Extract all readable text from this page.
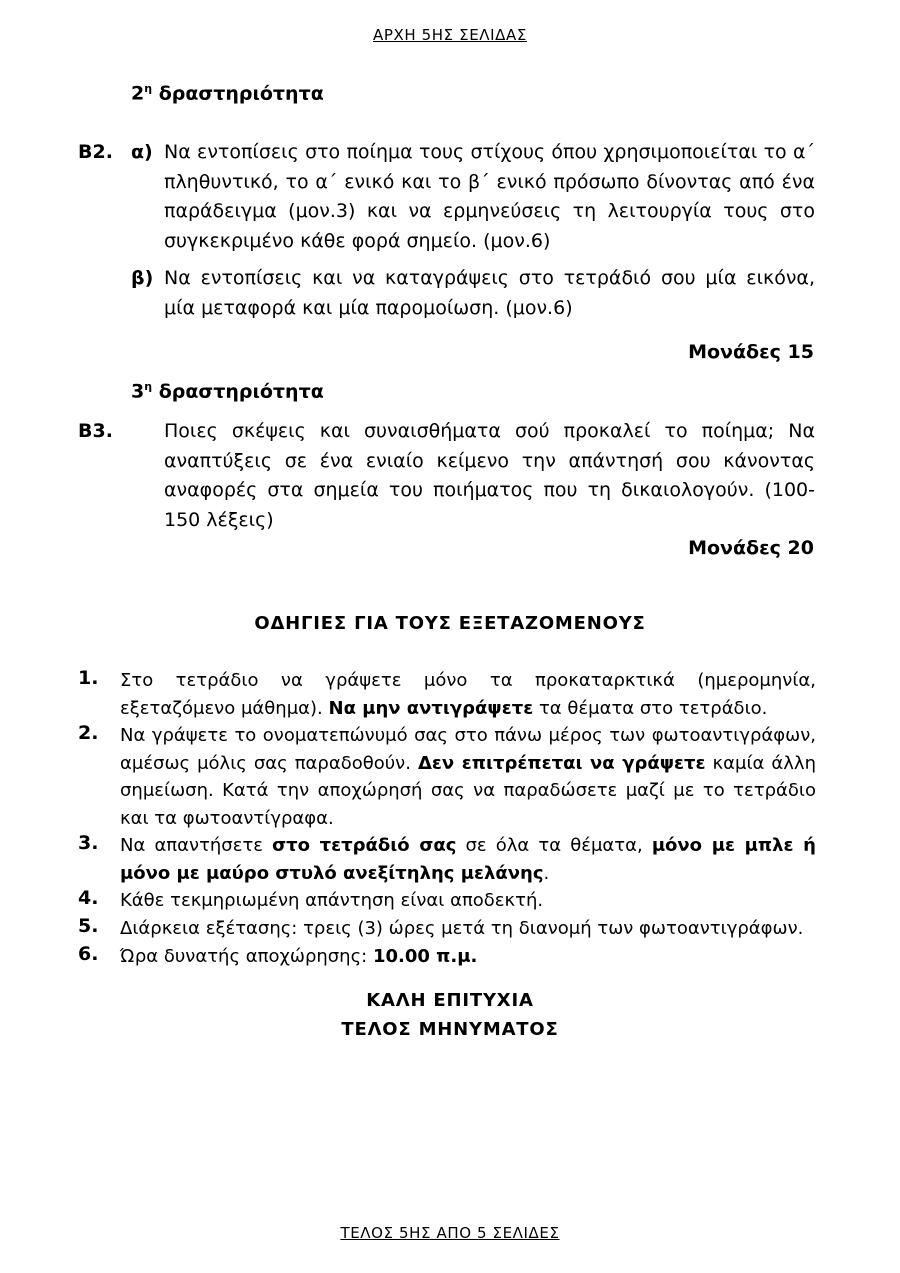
ΑΡΧΗ 5ΗΣ ΣΕΛΙΔΑΣ
$2^\eta$ δραστηριότητα
Β2. α) Να εντοπίσεις στο ποίημα τους στίχους όπου χρησιμοποιείται το α΄ πληθυντικό, το α΄ ενικό και το β΄ ενικό πρόσωπο δίνοντας από ένα παράδειγμα (μον.3) και να ερμηνεύσεις τη λειτουργία τους στο συγκεκριμένο κάθε φορά σημείο. (μον.6)
β) Να εντοπίσεις και να καταγράψεις στο τετράδιό σου μία εικόνα, μία μεταφορά και μία παρομοίωση. (μον.6)
Μονάδες 15
$3^\eta$ δραστηριότητα
Β3.	Ποιες σκέψεις και συναισθήματα σού προκαλεί το ποίημα; Να αναπτύξεις σε ένα ενιαίο κείμενο την απάντησή σου κάνοντας αναφορές στα σημεία του ποιήματος που τη δικαιολογούν. (100-150 λέξεις)
Μονάδες 20
ΟΔΗΓΙΕΣ ΓΙΑ ΤΟΥΣ ΕΞΕΤΑΖΟΜΕΝΟΥΣ
1. Στο τετράδιο να γράψετε μόνο τα προκαταρκτικά (ημερομηνία, εξεταζόμενο μάθημα). Να μην αντιγράψετε τα θέματα στο τετράδιο.
2. Να γράψετε το ονοματεπώνυμό σας στο πάνω μέρος των φωτοαντιγράφων, αμέσως μόλις σας παραδοθούν. Δεν επιτρέπεται να γράψετε καμία άλλη σημείωση. Κατά την αποχώρησή σας να παραδώσετε μαζί με το τετράδιο και τα φωτοαντίγραφα.
3. Να απαντήσετε στο τετράδιό σας σε όλα τα θέματα, μόνο με μπλε ή μόνο με μαύρο στυλό ανεξίτηλης μελάνης.
4. Κάθε τεκμηριωμένη απάντηση είναι αποδεκτή.
5. Διάρκεια εξέτασης: τρεις (3) ώρες μετά τη διανομή των φωτοαντιγράφων.
6. Ώρα δυνατής αποχώρησης: 10.00 π.μ.
ΚΑΛΗ ΕΠΙΤΥΧΙΑ
ΤΕΛΟΣ ΜΗΝΥΜΑΤΟΣ
ΤΕΛΟΣ 5ΗΣ ΑΠΟ 5 ΣΕΛΙΔΕΣ
